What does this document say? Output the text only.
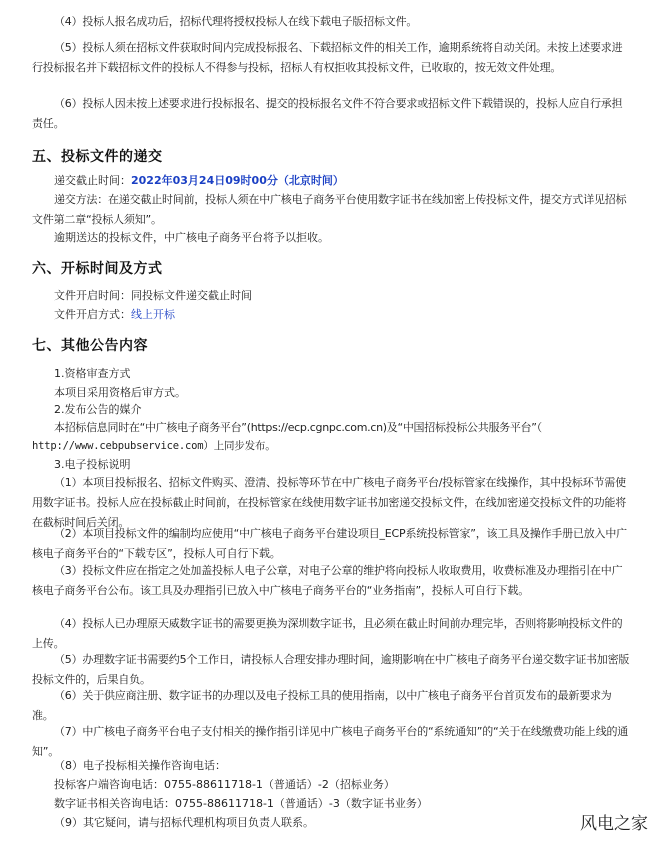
（4）投标人报名成功后，招标代理将授权投标人在线下载电子版招标文件。
（5）投标人须在招标文件获取时间内完成投标报名、下载招标文件的相关工作，逾期系统将自动关闭。未按上述要求进行投标报名并下载招标文件的投标人不得参与投标，招标人有权拒收其投标文件，已收取的，按无效文件处理。
（6）投标人因未按上述要求进行投标报名、提交的投标报名文件不符合要求或招标文件下载错误的，投标人应自行承担责任。
五、投标文件的递交
递交截止时间：2022年03月24日09时00分（北京时间）
递交方法：在递交截止时间前，投标人须在中广核电子商务平台使用数字证书在线加密上传投标文件，提交方式详见招标文件第二章“投标人须知”。
逾期送达的投标文件，中广核电子商务平台将予以拒收。
六、开标时间及方式
文件开启时间：同投标文件递交截止时间
文件开启方式：线上开标
七、其他公告内容
1.资格审查方式
本项目采用资格后审方式。
2.发布公告的媒介
本招标信息同时在“中广核电子商务平台”(https://ecp.cgnpc.com.cn)及“中国招标投标公共服务平台”（
http://www.cebpubservice.com）上同步发布。
3.电子投标说明
（1）本项目投标报名、招标文件购买、澄清、投标等环节在中广核电子商务平台/投标管家在线操作，其中投标环节需使用数字证书。投标人应在投标截止时间前，在投标管家在线使用数字证书加密递交投标文件，在线加密递交投标文件的功能将在截标时间后关闭。
（2）本项目投标文件的编制均应使用“中广核电子商务平台建设项目_ECP系统投标管家”，该工具及操作手册已放入中广核电子商务平台的“下载专区”，投标人可自行下载。
（3）投标文件应在指定之处加盖投标人电子公章，对电子公章的维护将向投标人收取费用，收费标准及办理指引在中广核电子商务平台公布。该工具及办理指引已放入中广核电子商务平台的“业务指南”，投标人可自行下载。
（4）投标人已办理原天威数字证书的需要更换为深圳数字证书，且必须在截止时间前办理完毕，否则将影响投标文件的上传。
（5）办理数字证书需要约5个工作日，请投标人合理安排办理时间，逾期影响在中广核电子商务平台递交数字证书加密版投标文件的，后果自负。
（6）关于供应商注册、数字证书的办理以及电子投标工具的使用指南，以中广核电子商务平台首页发布的最新要求为准。
（7）中广核电子商务平台电子支付相关的操作指引详见中广核电子商务平台的“系统通知”的“关于在线缴费功能上线的通知”。
（8）电子投标相关操作咨询电话：
投标客户端咨询电话：0755-88611718-1（普通话）-2（招标业务）
数字证书相关咨询电话：0755-88611718-1（普通话）-3（数字证书业务）
（9）其它疑问，请与招标代理机构项目负责人联系。	风电之家
